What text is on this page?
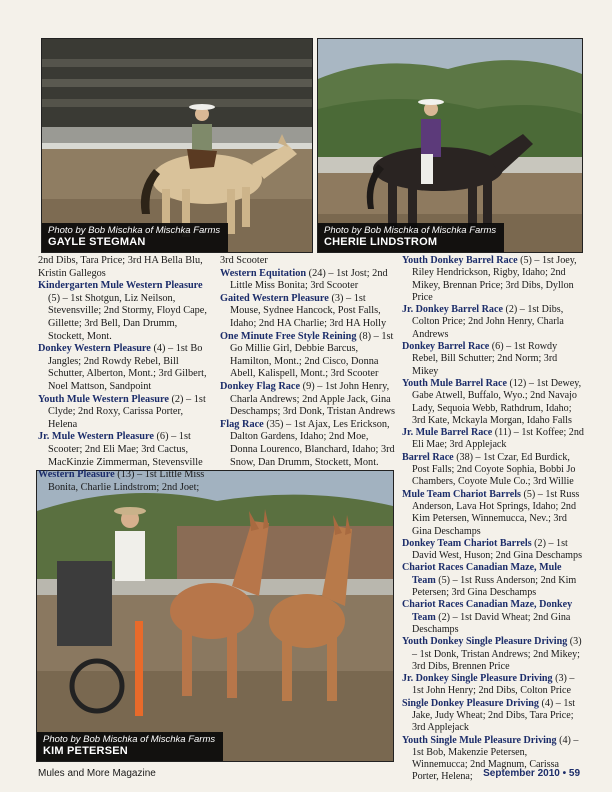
Photo by Bob Mischka of Mischka Farms
GAYLE STEGMAN
Photo by Bob Mischka of Mischka Farms
CHERIE LINDSTROM
Photo by Bob Mischka of Mischka Farms
KIM PETERSEN

2nd Dibs, Tara Price; 3rd HA Bella Blu, Kristin Gallegos

Kindergarten Mule Western Pleasure (5) – 1st Shotgun, Liz Neilson, Stevensville; 2nd Stormy, Floyd Cape, Gillette; 3rd Bell, Dan Drumm, Stockett, Mont.

Donkey Western Pleasure (4) – 1st Bo Jangles; 2nd Rowdy Rebel, Bill Schutter, Alberton, Mont.; 3rd Gilbert, Noel Mattson, Sandpoint

Youth Mule Western Pleasure (2) – 1st Clyde; 2nd Roxy, Carissa Porter, Helena

Jr. Mule Western Pleasure (6) – 1st Scooter; 2nd Eli Mae; 3rd Cactus, MacKinzie Zimmerman, Stevensville

Western Pleasure (13) – 1st Little Miss Bonita, Charlie Lindstrom; 2nd Joet;

3rd Scooter

Western Equitation (24) – 1st Jost; 2nd Little Miss Bonita; 3rd Scooter

Gaited Western Pleasure (3) – 1st Mouse, Sydnee Hancock, Post Falls, Idaho; 2nd HA Charlie; 3rd HA Holly

One Minute Free Style Reining (8) – 1st Go Millie Girl, Debbie Barcus, Hamilton, Mont.; 2nd Cisco, Donna Abell, Kalispell, Mont.; 3rd Scooter

Donkey Flag Race (9) – 1st John Henry, Charla Andrews; 2nd Apple Jack, Gina Deschamps; 3rd Donk, Tristan Andrews

Flag Race (35) – 1st Ajax, Les Erickson, Dalton Gardens, Idaho; 2nd Moe, Donna Lourenco, Blanchard, Idaho; 3rd Snow, Dan Drumm, Stockett, Mont.

Youth Donkey Barrel Race (5) – 1st Joey, Riley Hendrickson, Rigby, Idaho; 2nd Mikey, Brennan Price; 3rd Dibs, Dyllon Price

Jr. Donkey Barrel Race (2) – 1st Dibs, Colton Price; 2nd John Henry, Charla Andrews

Donkey Barrel Race (6) – 1st Rowdy Rebel, Bill Schutter; 2nd Norm; 3rd Mikey

Youth Mule Barrel Race (12) – 1st Dewey, Gabe Atwell, Buffalo, Wyo.; 2nd Navajo Lady, Sequoia Webb, Rathdrum, Idaho; 3rd Kate, Mckayla Morgan, Idaho Falls

Jr. Mule Barrel Race (11) – 1st Koffee; 2nd Eli Mae; 3rd Applejack

Barrel Race (38) – 1st Czar, Ed Burdick, Post Falls; 2nd Coyote Sophia, Bobbi Jo Chambers, Coyote Mule Co.; 3rd Willie

Mule Team Chariot Barrels (5) – 1st Russ Anderson, Lava Hot Springs, Idaho; 2nd Kim Petersen, Winnemucca, Nev.; 3rd Gina Deschamps

Donkey Team Chariot Barrels (2) – 1st David West, Huson; 2nd Gina Deschamps

Chariot Races Canadian Maze, Mule Team (5) – 1st Russ Anderson; 2nd Kim Petersen; 3rd Gina Deschamps

Chariot Races Canadian Maze, Donkey Team (2) – 1st David Wheat; 2nd Gina Deschamps

Youth Donkey Single Pleasure Driving (3) – 1st Donk, Tristan Andrews; 2nd Mikey; 3rd Dibs, Brennen Price

Jr. Donkey Single Pleasure Driving (3) – 1st John Henry; 2nd Dibs, Colton Price

Single Donkey Pleasure Driving (4) – 1st Jake, Judy Wheat; 2nd Dibs, Tara Price; 3rd Applejack

Youth Single Mule Pleasure Driving (4) – 1st Bob, Makenzie Petersen, Winnemucca; 2nd Magnum, Carissa Porter, Helena;

Mules and More Magazine	September 2010 • 59
